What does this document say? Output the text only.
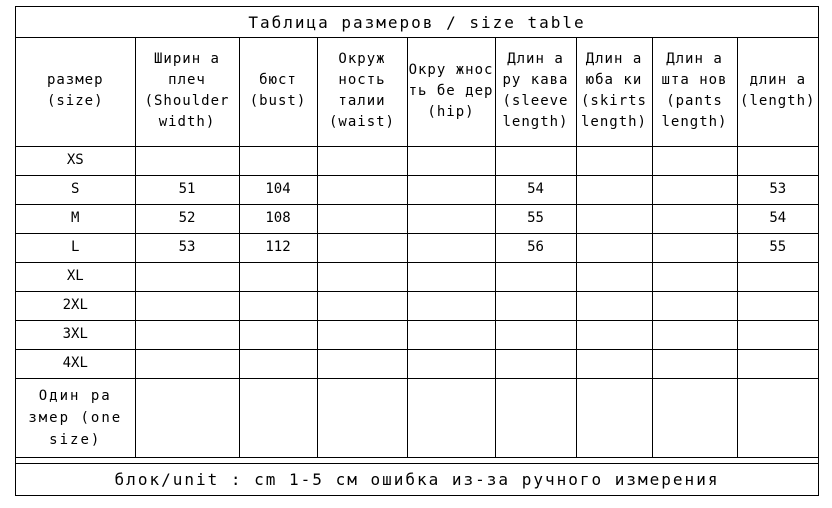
Таблица размеров / size table
размер (size)	Ширин а плеч (Shoulder width)	бюст (bust)	Окруж ность талии (waist)	Окру жнос ть бе дер (hip)	Длин а ру кава (sleeve length)	Длин а юба ки (skirts length)	Длин а шта нов (pants length)	длин а (length)
XS								
S	51	104			54			53
M	52	108			55			54
L	53	112			56			55
XL								
2XL								
3XL								
4XL								
Один ра змер (one size)								
блок/unit : cm 1-5 см ошибка из-за ручного измерения
